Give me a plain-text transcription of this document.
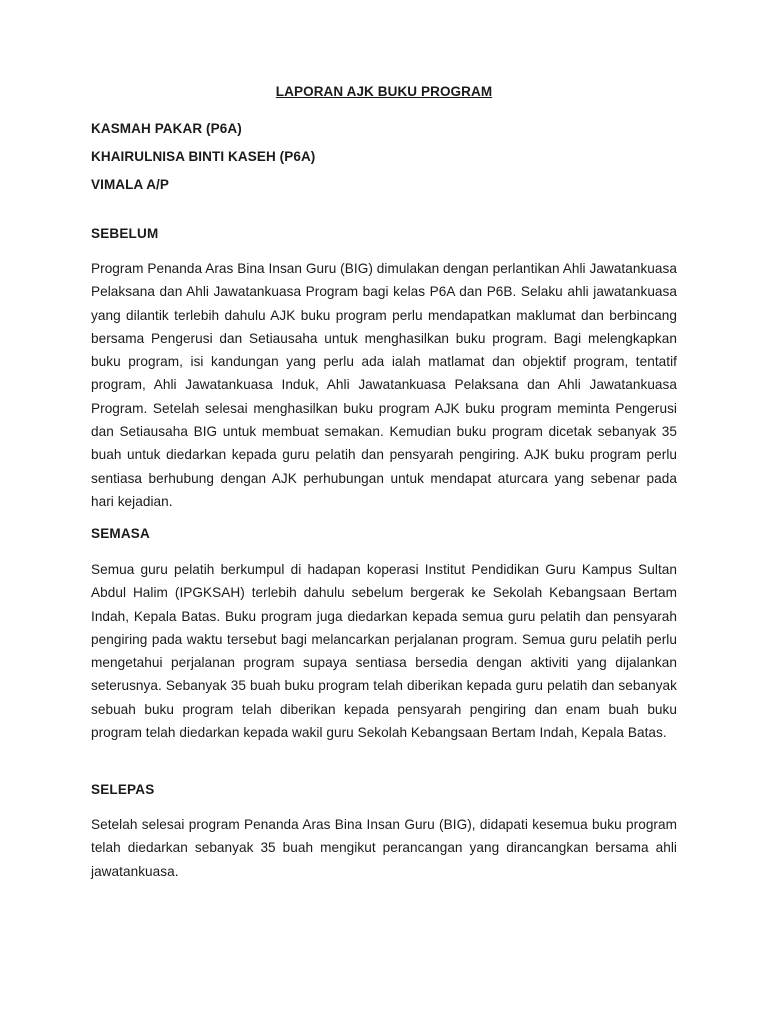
LAPORAN AJK BUKU PROGRAM
KASMAH PAKAR (P6A)
KHAIRULNISA BINTI KASEH (P6A)
VIMALA A/P
SEBELUM
Program Penanda Aras Bina Insan Guru (BIG) dimulakan dengan perlantikan Ahli Jawatankuasa Pelaksana dan Ahli Jawatankuasa Program bagi kelas P6A dan P6B. Selaku ahli jawatankuasa yang dilantik terlebih dahulu AJK buku program perlu mendapatkan maklumat dan berbincang bersama Pengerusi dan Setiausaha untuk menghasilkan buku program. Bagi melengkapkan buku program, isi kandungan yang perlu ada ialah matlamat dan objektif program, tentatif program, Ahli Jawatankuasa Induk, Ahli Jawatankuasa Pelaksana dan Ahli Jawatankuasa Program. Setelah selesai menghasilkan buku program AJK buku program meminta Pengerusi dan Setiausaha BIG untuk membuat semakan. Kemudian buku program dicetak sebanyak 35 buah untuk diedarkan kepada guru pelatih dan pensyarah pengiring. AJK buku program perlu sentiasa berhubung dengan AJK perhubungan untuk mendapat aturcara yang sebenar pada hari kejadian.
SEMASA
Semua guru pelatih berkumpul di hadapan koperasi Institut Pendidikan Guru Kampus Sultan Abdul Halim (IPGKSAH) terlebih dahulu sebelum bergerak ke Sekolah Kebangsaan Bertam Indah, Kepala Batas. Buku program juga diedarkan kepada semua guru pelatih dan pensyarah pengiring pada waktu tersebut bagi melancarkan perjalanan program. Semua guru pelatih perlu mengetahui perjalanan program supaya sentiasa bersedia dengan aktiviti yang dijalankan seterusnya. Sebanyak 35 buah buku program telah diberikan kepada guru pelatih dan sebanyak sebuah buku program telah diberikan kepada pensyarah pengiring dan enam buah buku program telah diedarkan kepada wakil guru Sekolah Kebangsaan Bertam Indah, Kepala Batas.
SELEPAS
Setelah selesai program Penanda Aras Bina Insan Guru (BIG), didapati kesemua buku program telah diedarkan sebanyak 35 buah mengikut perancangan yang dirancangkan bersama ahli jawatankuasa.
